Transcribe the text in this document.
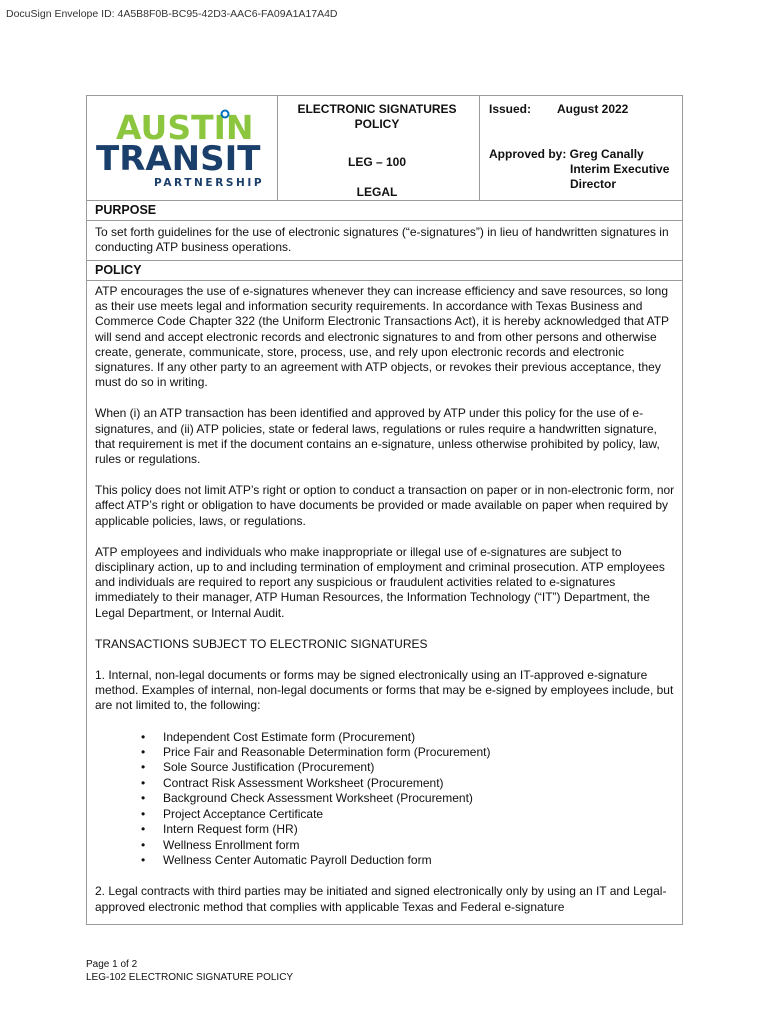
DocuSign Envelope ID: 4A5B8F0B-BC95-42D3-AAC6-FA09A1A17A4D
AUSTIN
TRANSIT
PARTNERSHIP
ELECTRONIC SIGNATURES
POLICY
LEG – 100
LEGAL
Issued: August 2022
Approved by: Greg Canally
Interim Executive
Director
PURPOSE
To set forth guidelines for the use of electronic signatures (“e-signatures”) in lieu of handwritten signatures in conducting ATP business operations.
POLICY

ATP encourages the use of e-signatures whenever they can increase efficiency and save resources, so long as their use meets legal and information security requirements. In accordance with Texas Business and Commerce Code Chapter 322 (the Uniform Electronic Transactions Act), it is hereby acknowledged that ATP will send and accept electronic records and electronic signatures to and from other persons and otherwise create, generate, communicate, store, process, use, and rely upon electronic records and electronic signatures. If any other party to an agreement with ATP objects, or revokes their previous acceptance, they must do so in writing.

When (i) an ATP transaction has been identified and approved by ATP under this policy for the use of e-signatures, and (ii) ATP policies, state or federal laws, regulations or rules require a handwritten signature, that requirement is met if the document contains an e-signature, unless otherwise prohibited by policy, law, rules or regulations.

This policy does not limit ATP’s right or option to conduct a transaction on paper or in non-electronic form, nor affect ATP’s right or obligation to have documents be provided or made available on paper when required by applicable policies, laws, or regulations.

ATP employees and individuals who make inappropriate or illegal use of e-signatures are subject to disciplinary action, up to and including termination of employment and criminal prosecution. ATP employees and individuals are required to report any suspicious or fraudulent activities related to e-signatures immediately to their manager, ATP Human Resources, the Information Technology (“IT”) Department, the Legal Department, or Internal Audit.

TRANSACTIONS SUBJECT TO ELECTRONIC SIGNATURES

1. Internal, non-legal documents or forms may be signed electronically using an IT-approved e-signature method. Examples of internal, non-legal documents or forms that may be e-signed by employees include, but are not limited to, the following:

• Independent Cost Estimate form (Procurement)
• Price Fair and Reasonable Determination form (Procurement)
• Sole Source Justification (Procurement)
• Contract Risk Assessment Worksheet (Procurement)
• Background Check Assessment Worksheet (Procurement)
• Project Acceptance Certificate
• Intern Request form (HR)
• Wellness Enrollment form
• Wellness Center Automatic Payroll Deduction form

2. Legal contracts with third parties may be initiated and signed electronically only by using an IT and Legal-approved electronic method that complies with applicable Texas and Federal e-signature

Page 1 of 2
LEG-102 ELECTRONIC SIGNATURE POLICY
